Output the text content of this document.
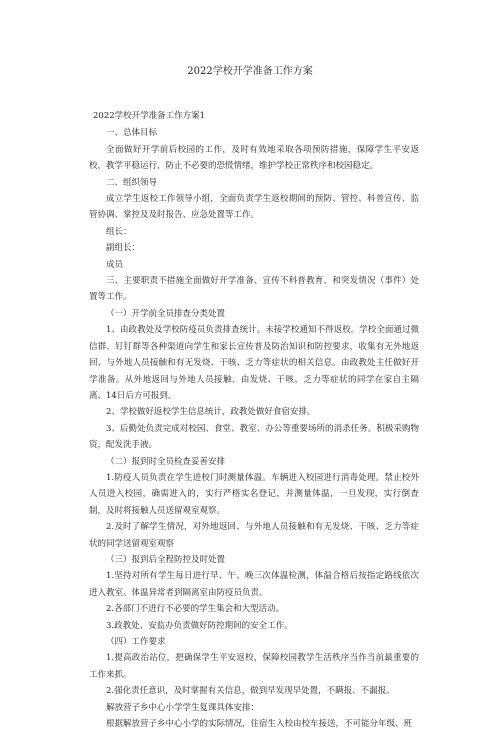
2022学校开学准备工作方案

2022学校开学准备工作方案1

一、总体目标

全面做好开学前后校园的工作，及时有效地采取各项预防措施，保障学生平安返校，教学平稳运行，防止不必要的恐慌情绪，维护学校正常秩序和校园稳定。

二、组织领导

成立学生返校工作领导小组，全面负责学生返校期间的预防、管控、科普宣传、监管协调、掌控及及时报告、应急处置等工作。

组长：

副组长：

成员

三、主要职责不措施全面做好开学准备、宣传不科普教育、和突发情况（事件）处置等工作。

（一）开学前全员排查分类处置

1、由政教处及学校防疫员负责排查统计。未接学校通知不得返校。学校全面通过微信群、钉钉群等各种渠道向学生和家长宣传普及防治知识和防控要求，收集有无外地返回、与外地人员接触和有无发烧、干咳、乏力等症状的相关信息。由政教处主任做好开学准备。从外地返回与外地人员接触、由发烧、干咳、乏力等症状的同学在家自主隔离、14日后方可报到。

2、学校做好返校学生信息统计，政教处做好食宿安排。

3、后勤处负责完成对校园、食堂、教室、办公等重要场所的消杀任务。积极采购物资，配发洗手液。

（二）报到时全员检查妥善安排

1.防疫人员负责在学生进校门时测量体温。车辆进入校园进行消毒处理。禁止校外人员进入校园，确需进入的，实行严格实名登记，并测量体温，一旦发现，实行倒查制，及时将接触人员送留观室观察。

2.及时了解学生情况，对外地返回、与外地人员接触和有无发烧、干咳、乏力等症状的同学送留观室观察

（三）报到后全程防控及时处置

1.坚持对所有学生每日进行早、午、晚三次体温检测，体温合格后按指定路线依次进入教室。体温异常者到隔离室由防疫员负责。

2.各部门不进行不必要的学生集会和大型活动。

3.政教处、安监办负责做好防控期间的安全工作。

（四）工作要求

1.提高政治站位，把确保学生平安返校，保障校园教学生活秩序当作当前最重要的工作来抓。

2.强化责任意识，及时掌握有关信息，做到早发现早处置，不瞒报、不漏报。

解放营子乡中心小学学生复课具体安排：

根据解放营子乡中心小学的实际情况，住宿生入校由校车接送，不可能分年级、班
